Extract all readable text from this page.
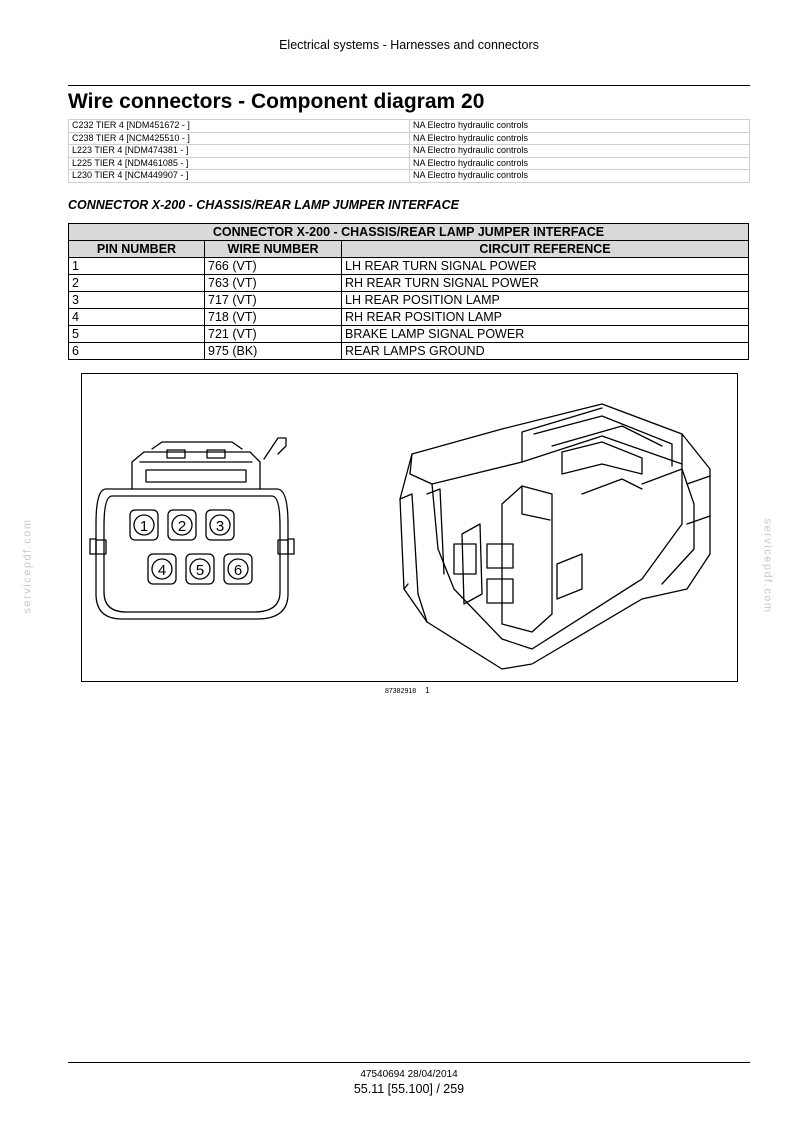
Electrical systems - Harnesses and connectors
Wire connectors - Component diagram 20
C232 TIER 4 [NDM451672 - ]	NA Electro hydraulic controls
C238 TIER 4 [NCM425510 - ]	NA Electro hydraulic controls
L223 TIER 4 [NDM474381 - ]	NA Electro hydraulic controls
L225 TIER 4 [NDM461085 - ]	NA Electro hydraulic controls
L230 TIER 4 [NCM449907 - ]	NA Electro hydraulic controls
CONNECTOR X-200 - CHASSIS/REAR LAMP JUMPER INTERFACE
CONNECTOR X-200 - CHASSIS/REAR LAMP JUMPER INTERFACE		
PIN NUMBER	WIRE NUMBER	CIRCUIT REFERENCE
1	766 (VT)	LH REAR TURN SIGNAL POWER
2	763 (VT)	RH REAR TURN SIGNAL POWER
3	717 (VT)	LH REAR POSITION LAMP
4	718 (VT)	RH REAR POSITION LAMP
5	721 (VT)	BRAKE LAMP SIGNAL POWER
6	975 (BK)	REAR LAMPS GROUND
1 2 3
4 5 6
87382918 1
servicepdf.com	servicepdf.com
47540694 28/04/2014
55.11 [55.100] / 259
